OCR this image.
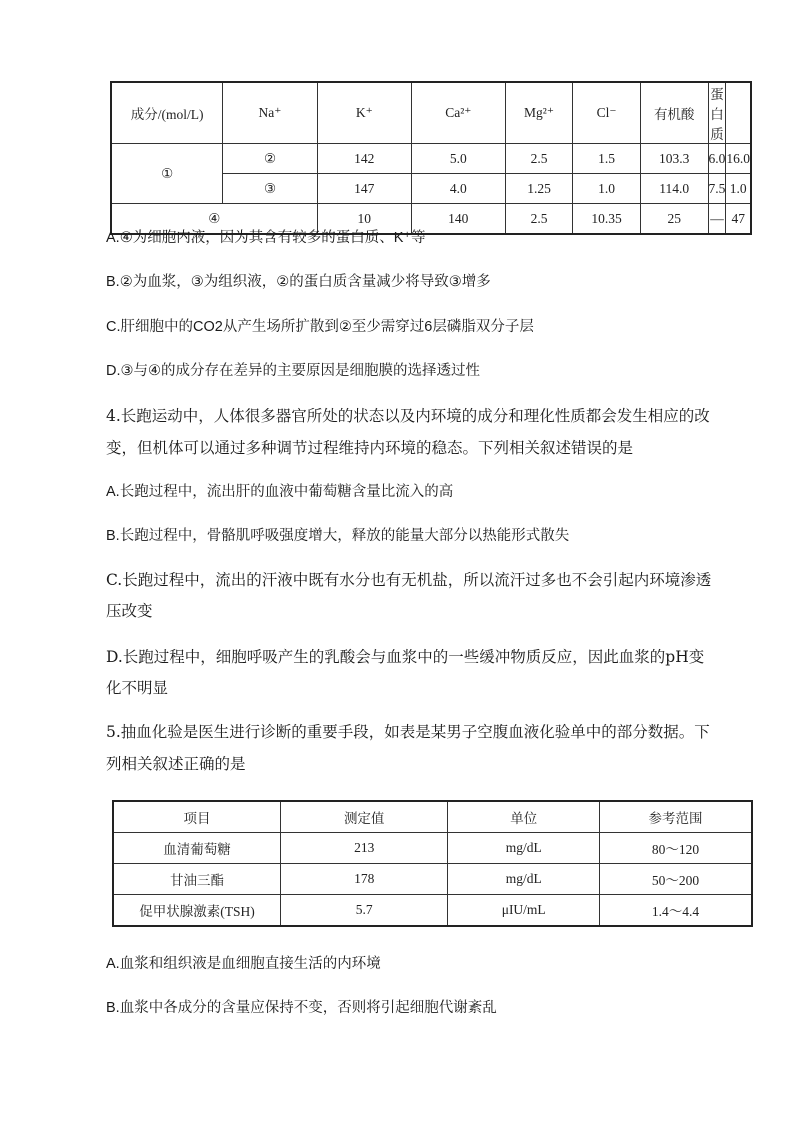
成分/(mol/L)	Na⁺	K⁺	Ca²⁺	Mg²⁺	Cl⁻	有机酸	蛋白质	
①	②	142	5.0	2.5	1.5	103.3	6.0	16.0
	③	147	4.0	1.25	1.0	114.0	7.5	1.0
④		10	140	2.5	10.35	25	—	47
A.④为细胞内液，因为其含有较多的蛋白质、K⁺等
B.②为血浆，③为组织液，②的蛋白质含量减少将导致③增多
C.肝细胞中的CO2从产生场所扩散到②至少需穿过6层磷脂双分子层
D.③与④的成分存在差异的主要原因是细胞膜的选择透过性
4.长跑运动中，人体很多器官所处的状态以及内环境的成分和理化性质都会发生相应的改
变，但机体可以通过多种调节过程维持内环境的稳态。下列相关叙述错误的是
A.长跑过程中，流出肝的血液中葡萄糖含量比流入的高
B.长跑过程中，骨骼肌呼吸强度增大，释放的能量大部分以热能形式散失
C.长跑过程中，流出的汗液中既有水分也有无机盐，所以流汗过多也不会引起内环境渗透
压改变
D.长跑过程中，细胞呼吸产生的乳酸会与血浆中的一些缓冲物质反应，因此血浆的pH变
化不明显
5.抽血化验是医生进行诊断的重要手段，如表是某男子空腹血液化验单中的部分数据。下
列相关叙述正确的是
项目	测定值	单位	参考范围
血清葡萄糖	213	mg/dL	80～120
甘油三酯	178	mg/dL	50～200
促甲状腺激素(TSH)	5.7	μIU/mL	1.4～4.4
A.血浆和组织液是血细胞直接生活的内环境
B.血浆中各成分的含量应保持不变，否则将引起细胞代谢紊乱
